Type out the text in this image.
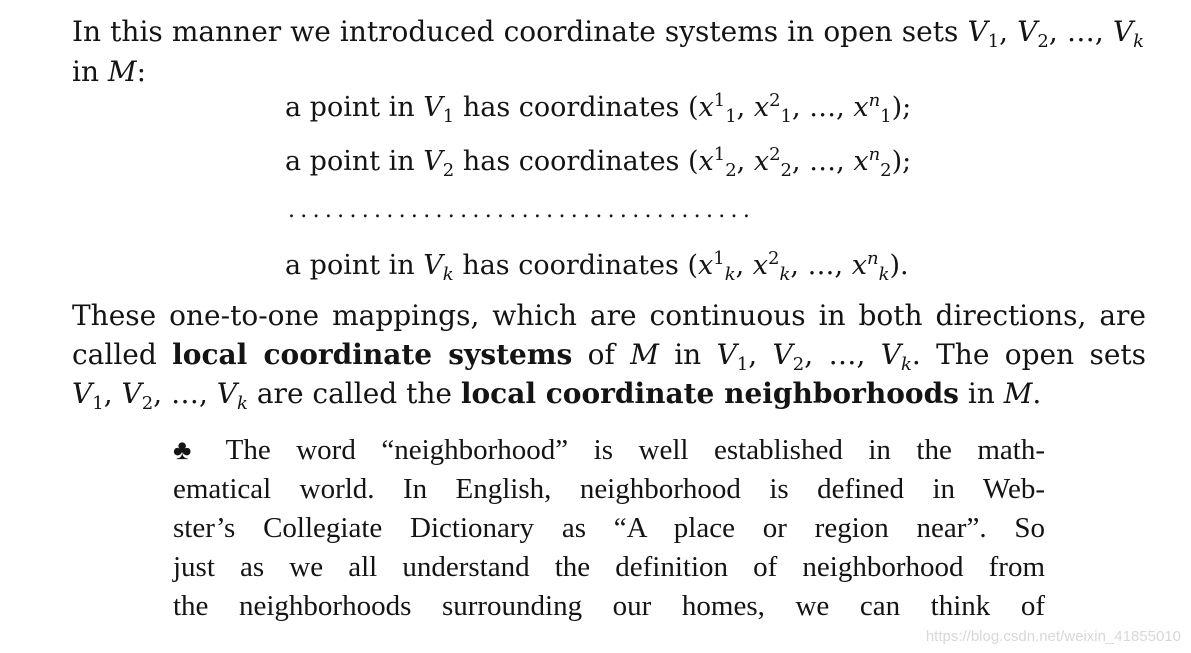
In this manner we introduced coordinate systems in open sets $V_1$, $V_2$, …, $V_k$
in M:
a point in $V_1$ has coordinates ($x^1_1$, $x^2_1$, …, $x^n_1$);
a point in $V_2$ has coordinates ($x^1_2$, $x^2_2$, …, $x^n_2$);
......................................
a point in $V_k$ has coordinates ($x^1_k$, $x^2_k$, …, $x^n_k$).
These one-to-one mappings, which are continuous in both directions, are
called local coordinate systems of M in $V_1$, $V_2$, …, $V_k$. The open sets
$V_1$, $V_2$, …, $V_k$ are called the local coordinate neighborhoods in M.
♣ The word “neighborhood” is well established in the math-
ematical world. In English, neighborhood is defined in Web-
ster’s Collegiate Dictionary as “A place or region near”. So
just as we all understand the definition of neighborhood from
the neighborhoods surrounding our homes, we can think of
https://blog.csdn.net/weixin_41855010
